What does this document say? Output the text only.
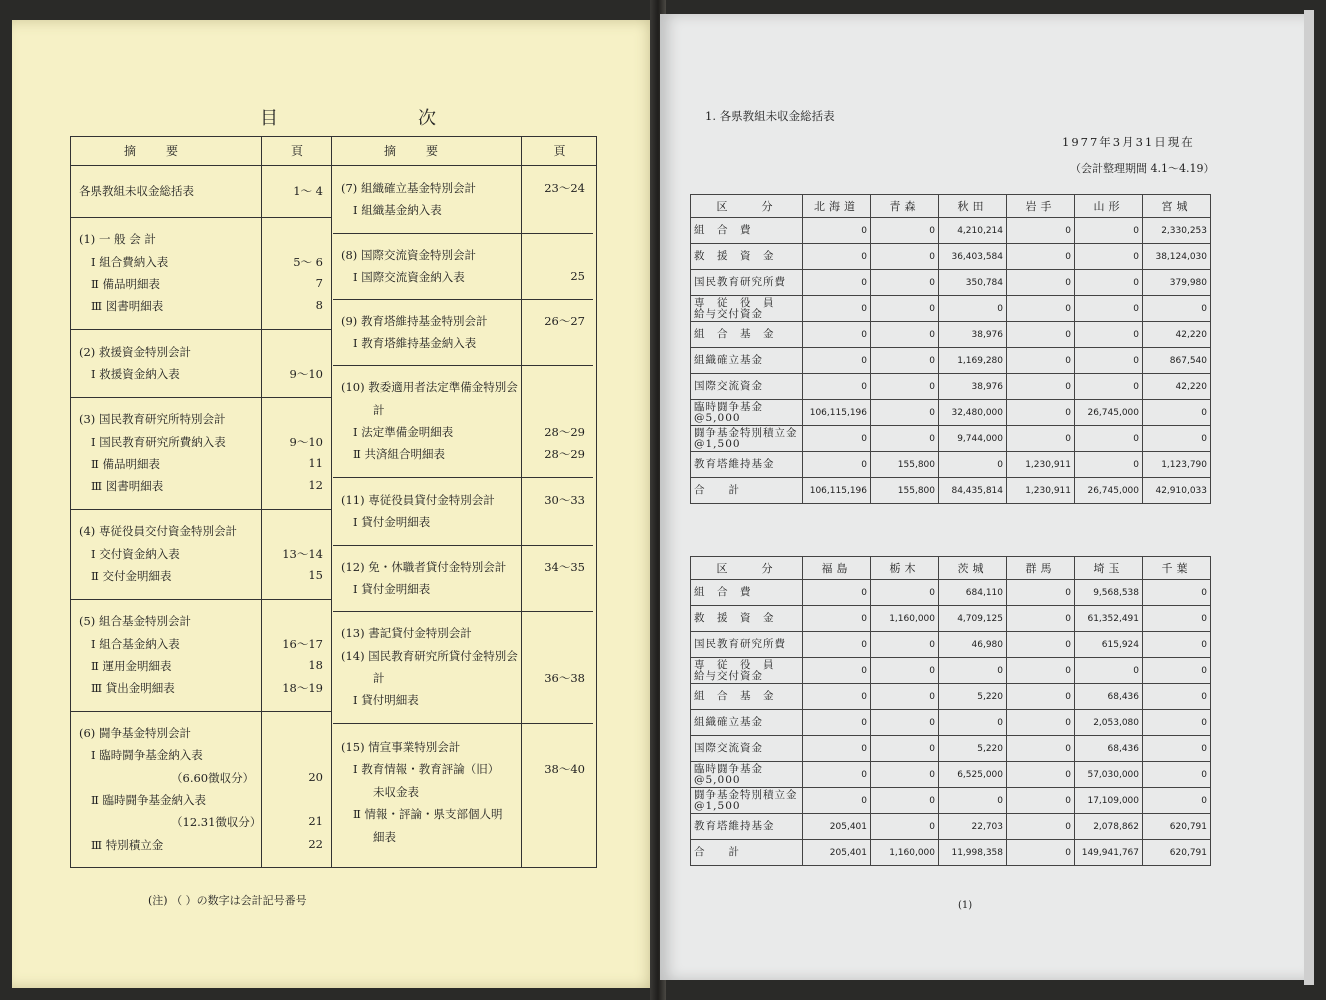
目次
摘要	頁	摘要	頁
各県教組未収金総括表	1～ 4
(1) 一 般 会 計
Ⅰ 組合費納入表	5～ 6
Ⅱ 備品明細表	7
Ⅲ 図書明細表	8
(2) 救援資金特別会計
Ⅰ 救援資金納入表	9～10
(3) 国民教育研究所特別会計
Ⅰ 国民教育研究所費納入表	9～10
Ⅱ 備品明細表	11
Ⅲ 図書明細表	12
(4) 専従役員交付資金特別会計
Ⅰ 交付資金納入表	13～14
Ⅱ 交付金明細表	15
(5) 組合基金特別会計
Ⅰ 組合基金納入表	16～17
Ⅱ 運用金明細表	18
Ⅲ 貸出金明細表	18～19
(6) 闘争基金特別会計
Ⅰ 臨時闘争基金納入表
（6.60徴収分）	20
Ⅱ 臨時闘争基金納入表
（12.31徴収分）	21
Ⅲ 特別積立金	22
(7) 組織確立基金特別会計	23～24
Ⅰ 組織基金納入表
(8) 国際交流資金特別会計
Ⅰ 国際交流資金納入表	25
(9) 教育塔維持基金特別会計	26～27
Ⅰ 教育塔維持基金納入表
(10) 教委適用者法定準備金特別会
計
Ⅰ 法定準備金明細表	28～29
Ⅱ 共済組合明細表	28～29
(11) 専従役員貸付金特別会計	30～33
Ⅰ 貸付金明細表
(12) 免・休職者貸付金特別会計	34～35
Ⅰ 貸付金明細表
(13) 書記貸付金特別会計
(14) 国民教育研究所貸付金特別会
計	36～38
Ⅰ 貸付明細表
(15) 情宣事業特別会計
Ⅰ 教育情報・教育評論（旧）	38～40
未収金表
Ⅱ 情報・評論・県支部個人明
細表
(注) （ ）の数字は会計記号番号
1. 各県教組未収金総括表
1977年3月31日現在
（会計整理期間 4.1～4.19）
区　　分	北海道	青森	秋田	岩手	山形	宮城
組　合　費	0	0	4,210,214	0	0	2,330,253
救　援　資　金	0	0	36,403,584	0	0	38,124,030
国民教育研究所費	0	0	350,784	0	0	379,980
専　従　役　員
給与交付資金	0	0	0	0	0	0
組　合　基　金	0	0	38,976	0	0	42,220
組織確立基金	0	0	1,169,280	0	0	867,540
国際交流資金	0	0	38,976	0	0	42,220
臨時闘争基金
@5,000	106,115,196	0	32,480,000	0	26,745,000	0
闘争基金特別積立金
@1,500	0	0	9,744,000	0	0	0
教育塔維持基金	0	155,800	0	1,230,911	0	1,123,790
合　　計	106,115,196	155,800	84,435,814	1,230,911	26,745,000	42,910,033
区　　分	福島	栃木	茨城	群馬	埼玉	千葉
組　合　費	0	0	684,110	0	9,568,538	0
救　援　資　金	0	1,160,000	4,709,125	0	61,352,491	0
国民教育研究所費	0	0	46,980	0	615,924	0
専　従　役　員
給与交付資金	0	0	0	0	0	0
組　合　基　金	0	0	5,220	0	68,436	0
組織確立基金	0	0	0	0	2,053,080	0
国際交流資金	0	0	5,220	0	68,436	0
臨時闘争基金
@5,000	0	0	6,525,000	0	57,030,000	0
闘争基金特別積立金
@1,500	0	0	0	0	17,109,000	0
教育塔維持基金	205,401	0	22,703	0	2,078,862	620,791
合　　計	205,401	1,160,000	11,998,358	0	149,941,767	620,791
(1)
